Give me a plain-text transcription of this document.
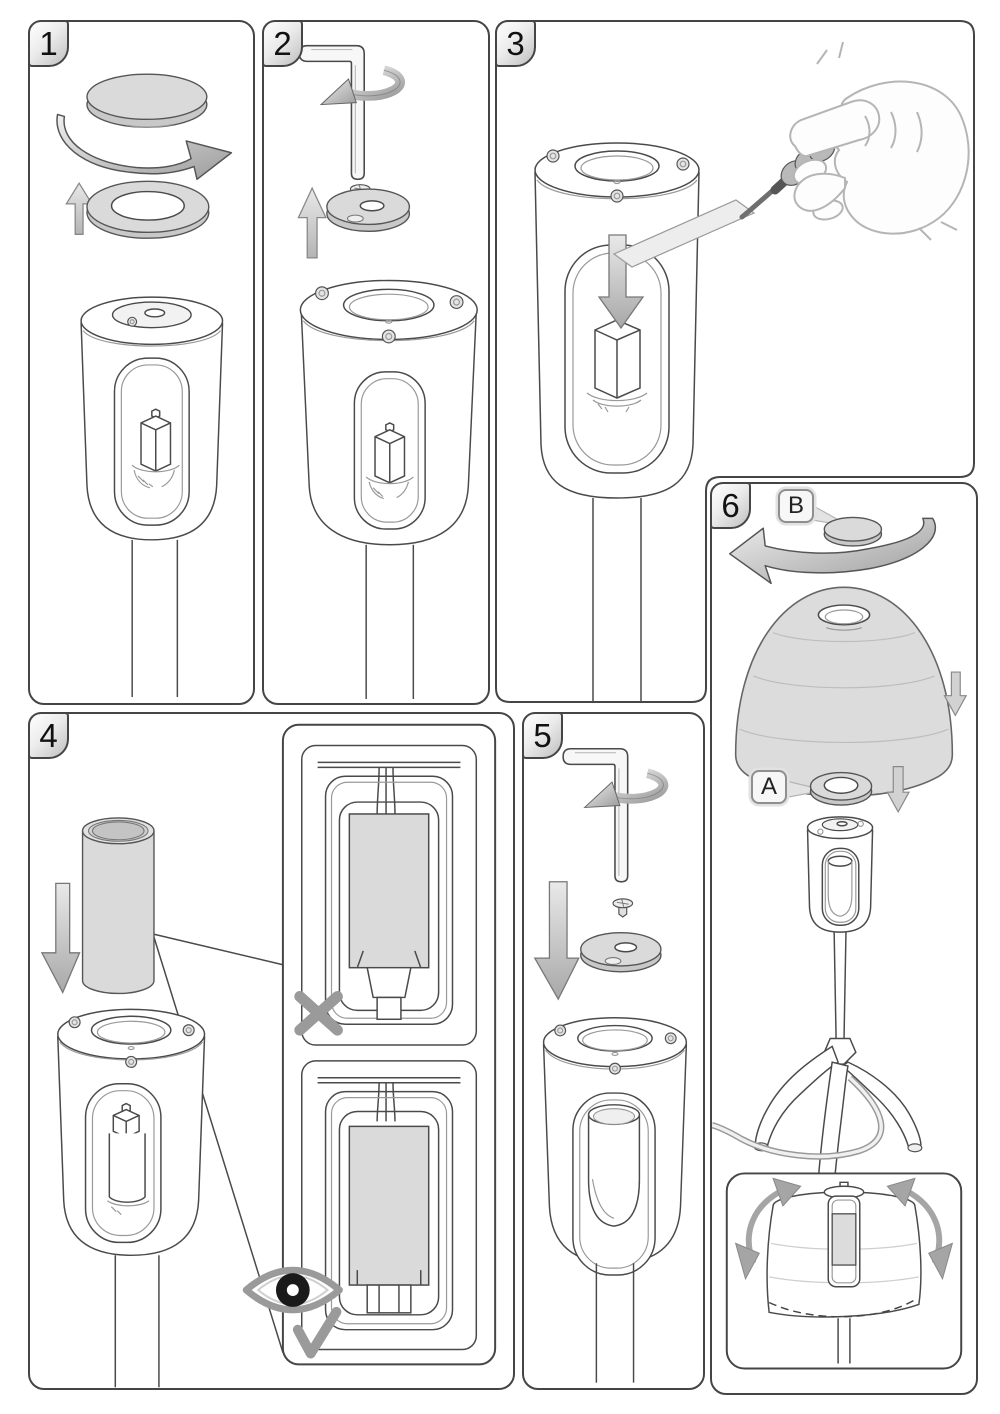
1	2	3
4	5
6	B
A
